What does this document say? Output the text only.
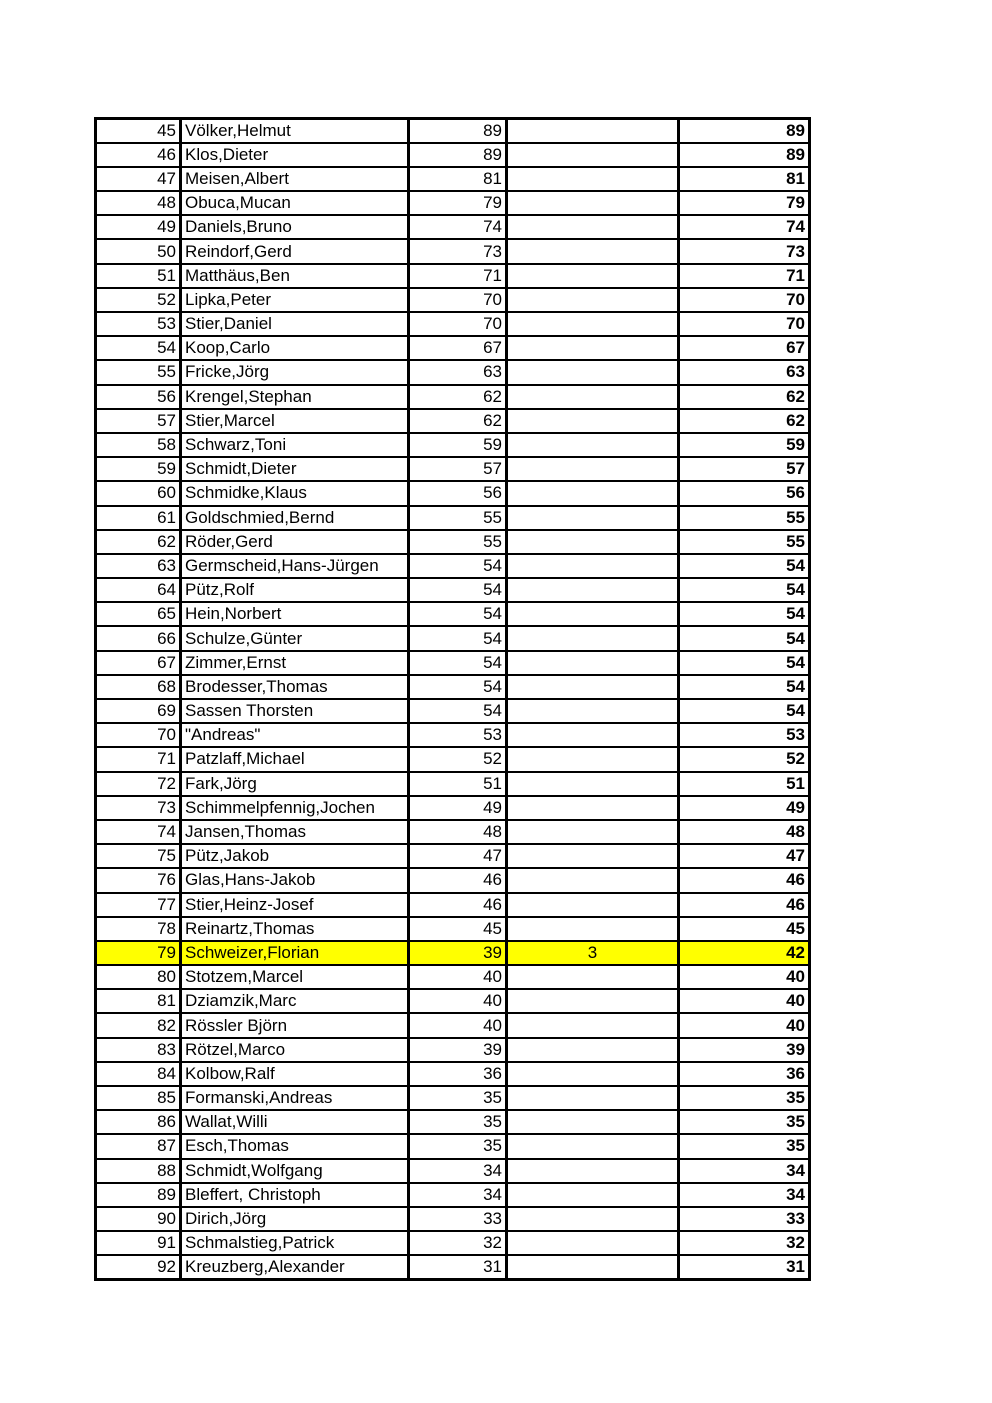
45	Völker,Helmut	89		89
46	Klos,Dieter	89		89
47	Meisen,Albert	81		81
48	Obuca,Mucan	79		79
49	Daniels,Bruno	74		74
50	Reindorf,Gerd	73		73
51	Matthäus,Ben	71		71
52	Lipka,Peter	70		70
53	Stier,Daniel	70		70
54	Koop,Carlo	67		67
55	Fricke,Jörg	63		63
56	Krengel,Stephan	62		62
57	Stier,Marcel	62		62
58	Schwarz,Toni	59		59
59	Schmidt,Dieter	57		57
60	Schmidke,Klaus	56		56
61	Goldschmied,Bernd	55		55
62	Röder,Gerd	55		55
63	Germscheid,Hans-Jürgen	54		54
64	Pütz,Rolf	54		54
65	Hein,Norbert	54		54
66	Schulze,Günter	54		54
67	Zimmer,Ernst	54		54
68	Brodesser,Thomas	54		54
69	Sassen Thorsten	54		54
70	"Andreas"	53		53
71	Patzlaff,Michael	52		52
72	Fark,Jörg	51		51
73	Schimmelpfennig,Jochen	49		49
74	Jansen,Thomas	48		48
75	Pütz,Jakob	47		47
76	Glas,Hans-Jakob	46		46
77	Stier,Heinz-Josef	46		46
78	Reinartz,Thomas	45		45
79	Schweizer,Florian	39	3	42
80	Stotzem,Marcel	40		40
81	Dziamzik,Marc	40		40
82	Rössler Björn	40		40
83	Rötzel,Marco	39		39
84	Kolbow,Ralf	36		36
85	Formanski,Andreas	35		35
86	Wallat,Willi	35		35
87	Esch,Thomas	35		35
88	Schmidt,Wolfgang	34		34
89	Bleffert, Christoph	34		34
90	Dirich,Jörg	33		33
91	Schmalstieg,Patrick	32		32
92	Kreuzberg,Alexander	31		31
